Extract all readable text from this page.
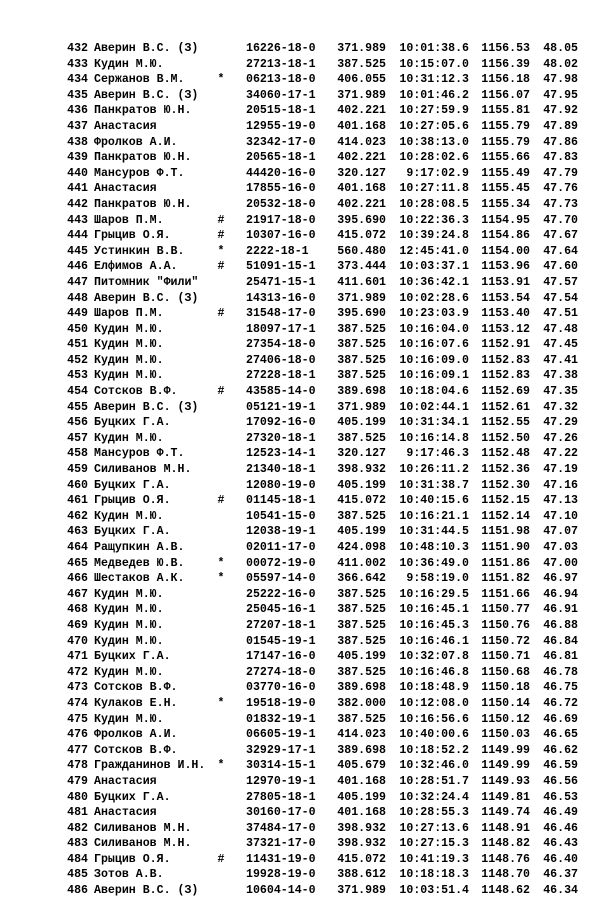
432 Аверин В.С. (З)	16226-18-0	371.989	10:01:38.6	1156.53	48.05
433 Кудин М.Ю.	27213-18-1	387.525	10:15:07.0	1156.39	48.02
434 Сержанов В.М.	* 06213-18-0	406.055	10:31:12.3	1156.18	47.98
435 Аверин В.С. (З)	34060-17-1	371.989	10:01:46.2	1156.07	47.95
436 Панкратов Ю.Н.	20515-18-1	402.221	10:27:59.9	1155.81	47.92
437 Анастасия	12955-19-0	401.168	10:27:05.6	1155.79	47.89
438 Фролков А.И.	32342-17-0	414.023	10:38:13.0	1155.79	47.86
439 Панкратов Ю.Н.	20565-18-1	402.221	10:28:02.6	1155.66	47.83
440 Мансуров Ф.Т.	44420-16-0	320.127	9:17:02.9	1155.49	47.79
441 Анастасия	17855-16-0	401.168	10:27:11.8	1155.45	47.76
442 Панкратов Ю.Н.	20532-18-0	402.221	10:28:08.5	1155.34	47.73
443 Шаров П.М.	# 21917-18-0	395.690	10:22:36.3	1154.95	47.70
444 Грыцив О.Я.	# 10307-16-0	415.072	10:39:24.8	1154.86	47.67
445 Устинкин В.В.	* 2222-18-1	560.480	12:45:41.0	1154.00	47.64
446 Елфимов А.А.	# 51091-15-1	373.444	10:03:37.1	1153.96	47.60
447 Питомник "Фили"	25471-15-1	411.601	10:36:42.1	1153.91	47.57
448 Аверин В.С. (З)	14313-16-0	371.989	10:02:28.6	1153.54	47.54
449 Шаров П.М.	# 31548-17-0	395.690	10:23:03.9	1153.40	47.51
450 Кудин М.Ю.	18097-17-1	387.525	10:16:04.0	1153.12	47.48
451 Кудин М.Ю.	27354-18-0	387.525	10:16:07.6	1152.91	47.45
452 Кудин М.Ю.	27406-18-0	387.525	10:16:09.0	1152.83	47.41
453 Кудин М.Ю.	27228-18-1	387.525	10:16:09.1	1152.83	47.38
454 Сотсков В.Ф.	# 43585-14-0	389.698	10:18:04.6	1152.69	47.35
455 Аверин В.С. (З)	05121-19-1	371.989	10:02:44.1	1152.61	47.32
456 Буцких Г.А.	17092-16-0	405.199	10:31:34.1	1152.55	47.29
457 Кудин М.Ю.	27320-18-1	387.525	10:16:14.8	1152.50	47.26
458 Мансуров Ф.Т.	12523-14-1	320.127	9:17:46.3	1152.48	47.22
459 Силиванов М.Н.	21340-18-1	398.932	10:26:11.2	1152.36	47.19
460 Буцких Г.А.	12080-19-0	405.199	10:31:38.7	1152.30	47.16
461 Грыцив О.Я.	# 01145-18-1	415.072	10:40:15.6	1152.15	47.13
462 Кудин М.Ю.	10541-15-0	387.525	10:16:21.1	1152.14	47.10
463 Буцких Г.А.	12038-19-1	405.199	10:31:44.5	1151.98	47.07
464 Ращупкин А.В.	02011-17-0	424.098	10:48:10.3	1151.90	47.03
465 Медведев Ю.В.	* 00072-19-0	411.002	10:36:49.0	1151.86	47.00
466 Шестаков А.К.	* 05597-14-0	366.642	9:58:19.0	1151.82	46.97
467 Кудин М.Ю.	25222-16-0	387.525	10:16:29.5	1151.66	46.94
468 Кудин М.Ю.	25045-16-1	387.525	10:16:45.1	1150.77	46.91
469 Кудин М.Ю.	27207-18-1	387.525	10:16:45.3	1150.76	46.88
470 Кудин М.Ю.	01545-19-1	387.525	10:16:46.1	1150.72	46.84
471 Буцких Г.А.	17147-16-0	405.199	10:32:07.8	1150.71	46.81
472 Кудин М.Ю.	27274-18-0	387.525	10:16:46.8	1150.68	46.78
473 Сотсков В.Ф.	03770-16-0	389.698	10:18:48.9	1150.18	46.75
474 Кулаков Е.Н.	* 19518-19-0	382.000	10:12:08.0	1150.14	46.72
475 Кудин М.Ю.	01832-19-1	387.525	10:16:56.6	1150.12	46.69
476 Фролков А.И.	06605-19-1	414.023	10:40:00.6	1150.03	46.65
477 Сотсков В.Ф.	32929-17-1	389.698	10:18:52.2	1149.99	46.62
478 Гражданинов И.Н. * 30314-15-1	405.679	10:32:46.0	1149.99	46.59
479 Анастасия	12970-19-1	401.168	10:28:51.7	1149.93	46.56
480 Буцких Г.А.	27805-18-1	405.199	10:32:24.4	1149.81	46.53
481 Анастасия	30160-17-0	401.168	10:28:55.3	1149.74	46.49
482 Силиванов М.Н.	37484-17-0	398.932	10:27:13.6	1148.91	46.46
483 Силиванов М.Н.	37321-17-0	398.932	10:27:15.3	1148.82	46.43
484 Грыцив О.Я.	# 11431-19-0	415.072	10:41:19.3	1148.76	46.40
485 Зотов А.В.	19928-19-0	388.612	10:18:18.3	1148.70	46.37
486 Аверин В.С. (З)	10604-14-0	371.989	10:03:51.4	1148.62	46.34
